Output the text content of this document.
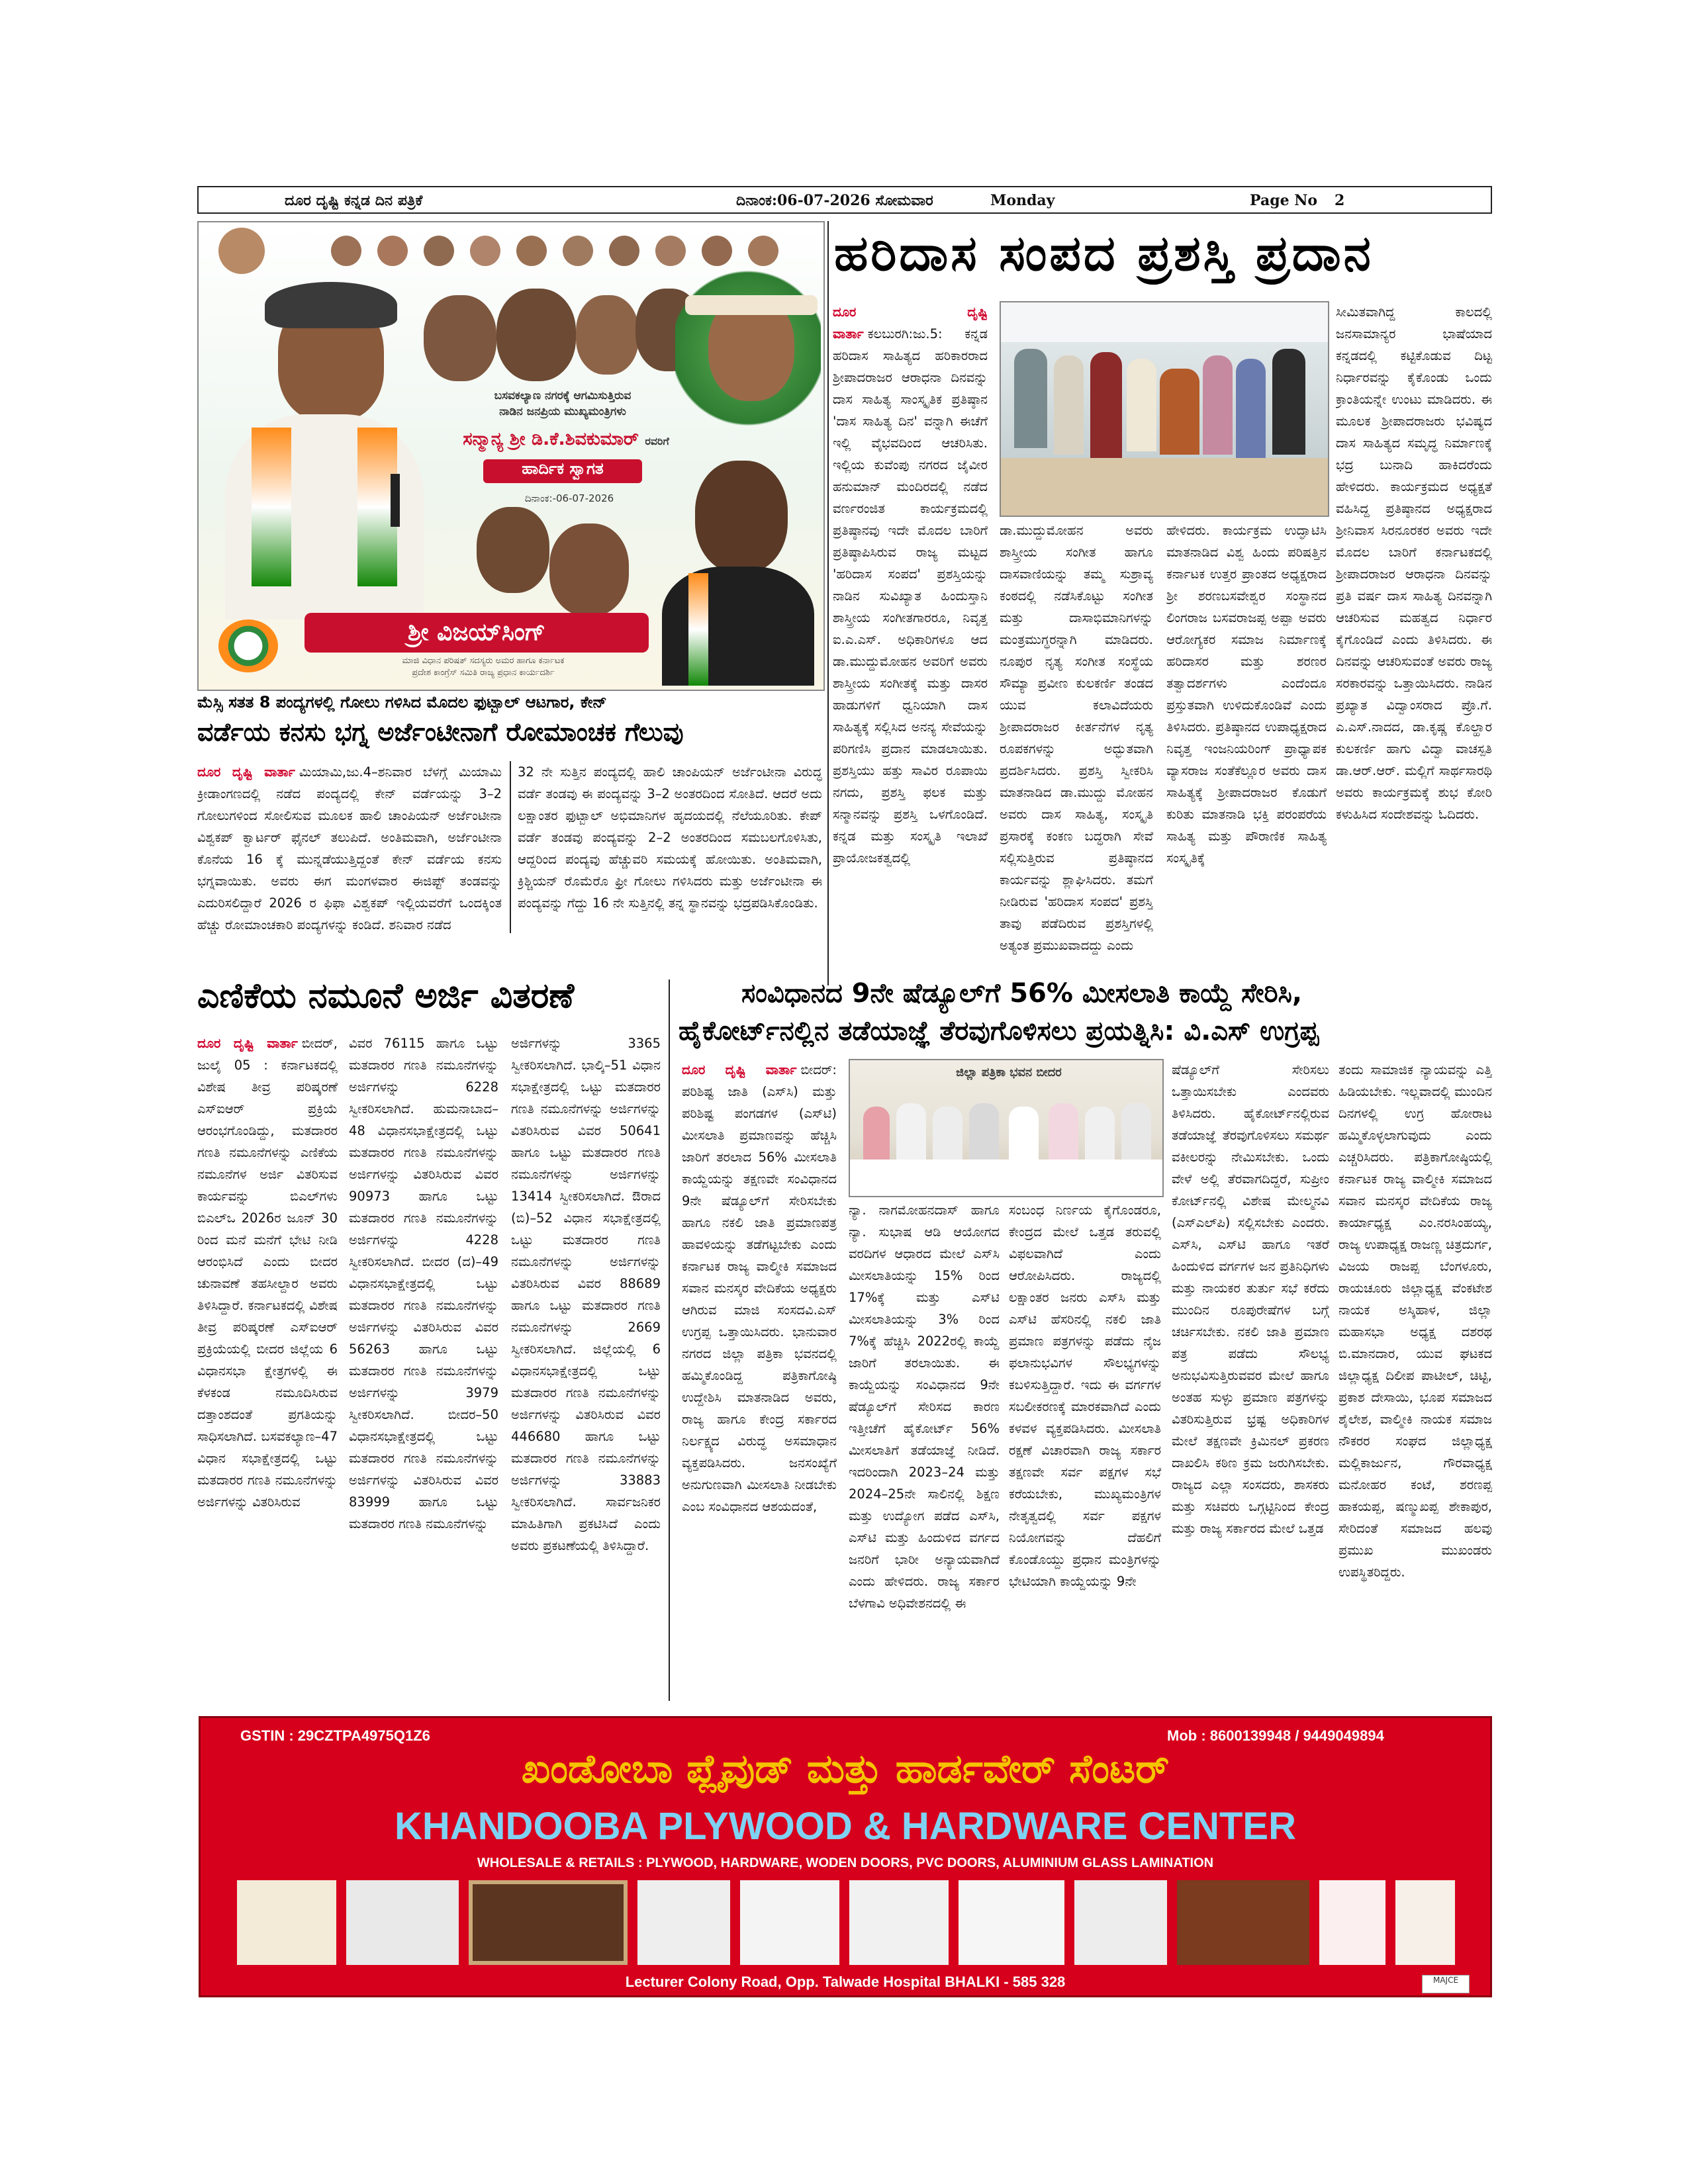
ದೂರ ದೃಷ್ಟಿ ಕನ್ನಡ ದಿನ ಪತ್ರಿಕೆ	ದಿನಾಂಕ:06-07-2026 ಸೋಮವಾರ	Monday	Page No 2
ಬಸವಕಲ್ಯಾಣ ನಗರಕ್ಕೆ ಆಗಮಿಸುತ್ತಿರುವ
ನಾಡಿನ ಜನಪ್ರಿಯ ಮುಖ್ಯಮಂತ್ರಿಗಳು
ಸನ್ಮಾನ್ಯ ಶ್ರೀ ಡಿ.ಕೆ.ಶಿವಕುಮಾರ್ ರವರಿಗೆ
ಹಾರ್ದಿಕ ಸ್ವಾಗತ
ದಿನಾಂಕ:-06-07-2026
ಶ್ರೀ ವಿಜಯ್‌ಸಿಂಗ್
ಮಾಜಿ ವಿಧಾನ ಪರಿಷತ್ ಸದಸ್ಯರು ಅಮರ ಹಾಗೂ ಕರ್ನಾಟಕ
ಪ್ರದೇಶ ಕಾಂಗ್ರೆಸ್ ಸಮಿತಿ ರಾಜ್ಯ ಪ್ರಧಾನ ಕಾರ್ಯದರ್ಶಿ
ಮೆಸ್ಸಿ ಸತತ 8 ಪಂದ್ಯಗಳಲ್ಲಿ ಗೋಲು ಗಳಿಸಿದ ಮೊದಲ ಫುಟ್ಬಾಲ್ ಆಟಗಾರ, ಕೇನ್
ವರ್ಡೆಯ ಕನಸು ಭಗ್ನ ಅರ್ಜೆಂಟೀನಾಗೆ ರೋಮಾಂಚಕ ಗೆಲುವು
ದೂರ ದೃಷ್ಟಿ ವಾರ್ತಾ ಮಿಯಾಮಿ,ಜು.4–ಶನಿವಾರ ಬೆಳಗ್ಗೆ ಮಿಯಾಮಿ ಕ್ರೀಡಾಂಗಣದಲ್ಲಿ ನಡೆದ ಪಂದ್ಯದಲ್ಲಿ ಕೇನ್ ವರ್ಡೆಯನ್ನು 3–2 ಗೋಲುಗಳಿಂದ ಸೋಲಿಸುವ ಮೂಲಕ ಹಾಲಿ ಚಾಂಪಿಯನ್ ಅರ್ಜೆಂಟೀನಾ ವಿಶ್ವಕಪ್ ಕ್ವಾರ್ಟರ್ ಫೈನಲ್ ತಲುಪಿದೆ. ಅಂತಿಮವಾಗಿ, ಅರ್ಜೆಂಟೀನಾ ಕೊನೆಯ 16 ಕ್ಕೆ ಮುನ್ನಡೆಯುತ್ತಿದ್ದಂತೆ ಕೇನ್ ವರ್ಡೆಯ ಕನಸು ಭಗ್ನವಾಯಿತು. ಅವರು ಈಗ ಮಂಗಳವಾರ ಈಜಿಪ್ಟ್ ತಂಡವನ್ನು ಎದುರಿಸಲಿದ್ದಾರೆ 2026 ರ ಫಿಫಾ ವಿಶ್ವಕಪ್ ಇಲ್ಲಿಯವರೆಗೆ ಒಂದಕ್ಕಿಂತ ಹೆಚ್ಚು ರೋಮಾಂಚಕಾರಿ ಪಂದ್ಯಗಳನ್ನು ಕಂಡಿದೆ. ಶನಿವಾರ ನಡೆದ
32 ನೇ ಸುತ್ತಿನ ಪಂದ್ಯದಲ್ಲಿ ಹಾಲಿ ಚಾಂಪಿಯನ್ ಅರ್ಜೆಂಟೀನಾ ವಿರುದ್ಧ ವರ್ಡೆ ತಂಡವು ಈ ಪಂದ್ಯವನ್ನು 3–2 ಅಂತರದಿಂದ ಸೋತಿದೆ. ಆದರೆ ಅದು ಲಕ್ಷಾಂತರ ಫುಟ್ಬಾಲ್ ಅಭಿಮಾನಿಗಳ ಹೃದಯದಲ್ಲಿ ನೆಲೆಯೂರಿತು. ಕೇಪ್ ವರ್ಡೆ ತಂಡವು ಪಂದ್ಯವನ್ನು 2–2 ಅಂತರದಿಂದ ಸಮಬಲಗೊಳಿಸಿತು, ಆದ್ದರಿಂದ ಪಂದ್ಯವು ಹೆಚ್ಚುವರಿ ಸಮಯಕ್ಕೆ ಹೋಯಿತು. ಅಂತಿಮವಾಗಿ, ಕ್ರಿಶ್ಚಿಯನ್ ರೊಮೆರೊ ಫ್ರೀ ಗೋಲು ಗಳಿಸಿದರು ಮತ್ತು ಅರ್ಜೆಂಟೀನಾ ಈ ಪಂದ್ಯವನ್ನು ಗೆದ್ದು 16 ನೇ ಸುತ್ತಿನಲ್ಲಿ ತನ್ನ ಸ್ಥಾನವನ್ನು ಭದ್ರಪಡಿಸಿಕೊಂಡಿತು.
ಹರಿದಾಸ ಸಂಪದ ಪ್ರಶಸ್ತಿ ಪ್ರದಾನ
ದೂರ ದೃಷ್ಟಿ ವಾರ್ತಾ ಕಲಬುರಗಿ:ಜು.5: ಕನ್ನಡ ಹರಿದಾಸ ಸಾಹಿತ್ಯದ ಹರಿಕಾರರಾದ ಶ್ರೀಪಾದರಾಜರ ಆರಾಧನಾ ದಿನವನ್ನು ದಾಸ ಸಾಹಿತ್ಯ ಸಾಂಸ್ಕೃತಿಕ ಪ್ರತಿಷ್ಠಾನ 'ದಾಸ ಸಾಹಿತ್ಯ ದಿನ' ವನ್ನಾಗಿ ಈಚೆಗೆ ಇಲ್ಲಿ ವೈಭವದಿಂದ ಆಚರಿಸಿತು. ಇಲ್ಲಿಯ ಕುವೆಂಪು ನಗರದ ಜೈವೀರ ಹನುಮಾನ್ ಮಂದಿರದಲ್ಲಿ ನಡೆದ ವರ್ಣರಂಜಿತ ಕಾರ್ಯಕ್ರಮದಲ್ಲಿ ಪ್ರತಿಷ್ಠಾನವು ಇದೇ ಮೊದಲ ಬಾರಿಗೆ ಪ್ರತಿಷ್ಠಾಪಿಸಿರುವ ರಾಜ್ಯ ಮಟ್ಟದ 'ಹರಿದಾಸ ಸಂಪದ' ಪ್ರಶಸ್ತಿಯನ್ನು ನಾಡಿನ ಸುವಿಖ್ಯಾತ ಹಿಂದುಸ್ತಾನಿ ಶಾಸ್ತ್ರೀಯ ಸಂಗೀತಗಾರರೂ, ನಿವೃತ್ತ ಐ.ಎ.ಎಸ್. ಅಧಿಕಾರಿಗಳೂ ಆದ ಡಾ.ಮುದ್ದುಮೋಹನ ಅವರಿಗೆ ಅವರು ಶಾಸ್ತ್ರೀಯ ಸಂಗೀತಕ್ಕೆ ಮತ್ತು ದಾಸರ ಹಾಡುಗಳಿಗೆ ಧ್ವನಿಯಾಗಿ ದಾಸ ಸಾಹಿತ್ಯಕ್ಕೆ ಸಲ್ಲಿಸಿದ ಅನನ್ಯ ಸೇವೆಯನ್ನು ಪರಿಗಣಿಸಿ ಪ್ರದಾನ ಮಾಡಲಾಯಿತು. ಪ್ರಶಸ್ತಿಯು ಹತ್ತು ಸಾವಿರ ರೂಪಾಯಿ ನಗದು, ಪ್ರಶಸ್ತಿ ಫಲಕ ಮತ್ತು ಸನ್ಮಾನವನ್ನು ಪ್ರಶಸ್ತಿ ಒಳಗೊಂಡಿದೆ. ಕನ್ನಡ ಮತ್ತು ಸಂಸ್ಕೃತಿ ಇಲಾಖೆ ಪ್ರಾಯೋಜಕತ್ವದಲ್ಲಿ
ಡಾ.ಮುದ್ದುಮೋಹನ ಅವರು ಶಾಸ್ತ್ರೀಯ ಸಂಗೀತ ಹಾಗೂ ದಾಸವಾಣಿಯನ್ನು ತಮ್ಮ ಸುಶ್ರಾವ್ಯ ಕಂಠದಲ್ಲಿ ನಡೆಸಿಕೊಟ್ಟು ಸಂಗೀತ ಮತ್ತು ದಾಸಾಭಿಮಾನಿಗಳನ್ನು ಮಂತ್ರಮುಗ್ಧರನ್ನಾಗಿ ಮಾಡಿದರು. ನೂಪುರ ನೃತ್ಯ ಸಂಗೀತ ಸಂಸ್ಥೆಯ ಸೌಮ್ಯಾ ಪ್ರವೀಣ ಕುಲಕರ್ಣಿ ತಂಡದ ಯುವ ಕಲಾವಿದೆಯರು ಶ್ರೀಪಾದರಾಜರ ಕೀರ್ತನೆಗಳ ನೃತ್ಯ ರೂಪಕಗಳನ್ನು ಅದ್ಭುತವಾಗಿ ಪ್ರದರ್ಶಿಸಿದರು. ಪ್ರಶಸ್ತಿ ಸ್ವೀಕರಿಸಿ ಮಾತನಾಡಿದ ಡಾ.ಮುದ್ದು ಮೋಹನ ಅವರು ದಾಸ ಸಾಹಿತ್ಯ, ಸಂಸ್ಕೃತಿ ಪ್ರಸಾರಕ್ಕೆ ಕಂಕಣ ಬದ್ಧರಾಗಿ ಸೇವೆ ಸಲ್ಲಿಸುತ್ತಿರುವ ಪ್ರತಿಷ್ಠಾನದ ಕಾರ್ಯವನ್ನು ಶ್ಲಾಘಿಸಿದರು. ತಮಗೆ ನೀಡಿರುವ 'ಹರಿದಾಸ ಸಂಪದ' ಪ್ರಶಸ್ತಿ ತಾವು ಪಡೆದಿರುವ ಪ್ರಶಸ್ತಿಗಳಲ್ಲಿ ಅತ್ಯಂತ ಪ್ರಮುಖವಾದದ್ದು ಎಂದು
ಹೇಳಿದರು. ಕಾರ್ಯಕ್ರಮ ಉದ್ಘಾಟಿಸಿ ಮಾತನಾಡಿದ ವಿಶ್ವ ಹಿಂದು ಪರಿಷತ್ತಿನ ಕರ್ನಾಟಕ ಉತ್ತರ ಪ್ರಾಂತದ ಅಧ್ಯಕ್ಷರಾದ ಶ್ರೀ ಶರಣಬಸವೇಶ್ವರ ಸಂಸ್ಥಾನದ ಲಿಂಗರಾಜ ಬಸವರಾಜಪ್ಪ ಅಪ್ಪಾ ಅವರು ಆರೋಗ್ಯಕರ ಸಮಾಜ ನಿರ್ಮಾಣಕ್ಕೆ ಹರಿದಾಸರ ಮತ್ತು ಶರಣರ ತತ್ವಾದರ್ಶಗಳು ಎಂದೆಂದೂ ಪ್ರಸ್ತುತವಾಗಿ ಉಳಿದುಕೊಂಡಿವೆ ಎಂದು ತಿಳಿಸಿದರು. ಪ್ರತಿಷ್ಠಾನದ ಉಪಾಧ್ಯಕ್ಷರಾದ ನಿವೃತ್ತ ಇಂಜನಿಯರಿಂಗ್ ಪ್ರಾಧ್ಯಾಪಕ ವ್ಯಾಸರಾಜ ಸಂತೆಕೆಲ್ಲೂರ ಅವರು ದಾಸ ಸಾಹಿತ್ಯಕ್ಕೆ ಶ್ರೀಪಾದರಾಜರ ಕೊಡುಗೆ ಕುರಿತು ಮಾತನಾಡಿ ಭಕ್ತಿ ಪರಂಪರೆಯ ಸಾಹಿತ್ಯ ಮತ್ತು ಪೌರಾಣಿಕ ಸಾಹಿತ್ಯ ಸಂಸ್ಕೃತಿಕ್ಕೆ
ಸೀಮಿತವಾಗಿದ್ದ ಕಾಲದಲ್ಲಿ ಜನಸಾಮಾನ್ಯರ ಭಾಷೆಯಾದ ಕನ್ನಡದಲ್ಲಿ ಕಟ್ಟಿಕೊಡುವ ದಿಟ್ಟ ನಿರ್ಧಾರವನ್ನು ಕೈಕೊಂಡು ಒಂದು ಕ್ರಾಂತಿಯನ್ನೇ ಉಂಟು ಮಾಡಿದರು. ಈ ಮೂಲಕ ಶ್ರೀಪಾದರಾಜರು ಭವಿಷ್ಯದ ದಾಸ ಸಾಹಿತ್ಯದ ಸಮೃದ್ಧ ನಿರ್ಮಾಣಕ್ಕೆ ಭದ್ರ ಬುನಾದಿ ಹಾಕಿದರೆಂದು ಹೇಳಿದರು. ಕಾರ್ಯಕ್ರಮದ ಅಧ್ಯಕ್ಷತೆ ವಹಿಸಿದ್ದ ಪ್ರತಿಷ್ಠಾನದ ಅಧ್ಯಕ್ಷರಾದ ಶ್ರೀನಿವಾಸ ಸಿರನೂರಕರ ಅವರು ಇದೇ ಮೊದಲ ಬಾರಿಗೆ ಕರ್ನಾಟಕದಲ್ಲಿ ಶ್ರೀಪಾದರಾಜರ ಆರಾಧನಾ ದಿನವನ್ನು ಪ್ರತಿ ವರ್ಷ ದಾಸ ಸಾಹಿತ್ಯ ದಿನವನ್ನಾಗಿ ಆಚರಿಸುವ ಮಹತ್ವದ ನಿರ್ಧಾರ ಕೈಗೊಂಡಿದೆ ಎಂದು ತಿಳಿಸಿದರು. ಈ ದಿನವನ್ನು ಆಚರಿಸುವಂತೆ ಅವರು ರಾಜ್ಯ ಸರಕಾರವನ್ನು ಒತ್ತಾಯಿಸಿದರು. ನಾಡಿನ ಪ್ರಖ್ಯಾತ ವಿದ್ವಾಂಸರಾದ ಪ್ರೊ.ಗೆ. ಎ.ಎಸ್.ನಾದದ, ಡಾ.ಕೃಷ್ಣ ಕೊಲ್ಹಾರ ಕುಲಕರ್ಣಿ ಹಾಗು ವಿದ್ವಾ ವಾಚಸ್ಪತಿ ಡಾ.ಆರ್.ಆರ್. ಮಲ್ಲಿಗೆ ಸಾರ್ಥಸಾರಥಿ ಅವರು ಕಾರ್ಯಕ್ರಮಕ್ಕೆ ಶುಭ ಕೋರಿ ಕಳುಹಿಸಿದ ಸಂದೇಶವನ್ನು ಓದಿದರು.
ಎಣಿಕೆಯ ನಮೂನೆ ಅರ್ಜಿ ವಿತರಣೆ
ದೂರ ದೃಷ್ಟಿ ವಾರ್ತಾ ಬೀದರ್, ಜುಲೈ 05 : ಕರ್ನಾಟಕದಲ್ಲಿ ವಿಶೇಷ ತೀವ್ರ ಪರಿಷ್ಕರಣೆ ಎಸ್‌ಐಆರ್ ಪ್ರಕ್ರಿಯೆ ಆರಂಭಗೊಂಡಿದ್ದು, ಮತದಾರರ ಗಣತಿ ನಮೂನೆಗಳನ್ನು ಎಣಿಕೆಯ ನಮೂನೆಗಳ ಅರ್ಜಿ ವಿತರಿಸುವ ಕಾರ್ಯವನ್ನು ಬಿಎಲ್‌ಗಳು ಬಿಎಲ್ಒ 2026ರ ಜೂನ್ 30 ರಿಂದ ಮನೆ ಮನೆಗೆ ಭೇಟಿ ನೀಡಿ ಆರಂಭಿಸಿದೆ ಎಂದು ಬೀದರ ಚುನಾವಣೆ ತಹಸೀಲ್ದಾರ ಅವರು ತಿಳಿಸಿದ್ದಾರೆ. ಕರ್ನಾಟಕದಲ್ಲಿ ವಿಶೇಷ ತೀವ್ರ ಪರಿಷ್ಕರಣೆ ಎಸ್‌ಐಆರ್ ಪ್ರಕ್ರಿಯೆಯಲ್ಲಿ ಬೀದರ ಜಿಲ್ಲೆಯ 6 ವಿಧಾನಸಭಾ ಕ್ಷೇತ್ರಗಳಲ್ಲಿ ಈ ಕೆಳಕಂಡ ನಮೂದಿಸಿರುವ ದತ್ತಾಂಶದಂತೆ ಪ್ರಗತಿಯನ್ನು ಸಾಧಿಸಲಾಗಿದೆ. ಬಸವಕಲ್ಯಾಣ–47 ವಿಧಾನ ಸಭಾಕ್ಷೇತ್ರದಲ್ಲಿ ಒಟ್ಟು ಮತದಾರರ ಗಣತಿ ನಮೂನೆಗಳನ್ನು ಅರ್ಜಿಗಳನ್ನು ವಿತರಿಸಿರುವ
ವಿವರ 76115 ಹಾಗೂ ಒಟ್ಟು ಮತದಾರರ ಗಣತಿ ನಮೂನೆಗಳನ್ನು ಅರ್ಜಿಗಳನ್ನು 6228 ಸ್ವೀಕರಿಸಲಾಗಿದೆ. ಹುಮನಾಬಾದ–48 ವಿಧಾನಸಭಾಕ್ಷೇತ್ರದಲ್ಲಿ ಒಟ್ಟು ಮತದಾರರ ಗಣತಿ ನಮೂನೆಗಳನ್ನು ಅರ್ಜಿಗಳನ್ನು ವಿತರಿಸಿರುವ ವಿವರ 90973 ಹಾಗೂ ಒಟ್ಟು ಮತದಾರರ ಗಣತಿ ನಮೂನೆಗಳನ್ನು ಅರ್ಜಿಗಳನ್ನು 4228 ಸ್ವೀಕರಿಸಲಾಗಿದೆ. ಬೀದರ (ದ)–49 ವಿಧಾನಸಭಾಕ್ಷೇತ್ರದಲ್ಲಿ ಒಟ್ಟು ಮತದಾರರ ಗಣತಿ ನಮೂನೆಗಳನ್ನು ಅರ್ಜಿಗಳನ್ನು ವಿತರಿಸಿರುವ ವಿವರ 56263 ಹಾಗೂ ಒಟ್ಟು ಮತದಾರರ ಗಣತಿ ನಮೂನೆಗಳನ್ನು ಅರ್ಜಿಗಳನ್ನು 3979 ಸ್ವೀಕರಿಸಲಾಗಿದೆ. ಬೀದರ–50 ವಿಧಾನಸಭಾಕ್ಷೇತ್ರದಲ್ಲಿ ಒಟ್ಟು ಮತದಾರರ ಗಣತಿ ನಮೂನೆಗಳನ್ನು ಅರ್ಜಿಗಳನ್ನು ವಿತರಿಸಿರುವ ವಿವರ 83999 ಹಾಗೂ ಒಟ್ಟು ಮತದಾರರ ಗಣತಿ ನಮೂನೆಗಳನ್ನು
ಅರ್ಜಿಗಳನ್ನು 3365 ಸ್ವೀಕರಿಸಲಾಗಿದೆ. ಭಾಲ್ಕಿ–51 ವಿಧಾನ ಸಭಾಕ್ಷೇತ್ರದಲ್ಲಿ ಒಟ್ಟು ಮತದಾರರ ಗಣತಿ ನಮೂನೆಗಳನ್ನು ಅರ್ಜಿಗಳನ್ನು ವಿತರಿಸಿರುವ ವಿವರ 50641 ಹಾಗೂ ಒಟ್ಟು ಮತದಾರರ ಗಣತಿ ನಮೂನೆಗಳನ್ನು ಅರ್ಜಿಗಳನ್ನು 13414 ಸ್ವೀಕರಿಸಲಾಗಿದೆ. ಔರಾದ (ಬಿ)–52 ವಿಧಾನ ಸಭಾಕ್ಷೇತ್ರದಲ್ಲಿ ಒಟ್ಟು ಮತದಾರರ ಗಣತಿ ನಮೂನೆಗಳನ್ನು ಅರ್ಜಿಗಳನ್ನು ವಿತರಿಸಿರುವ ವಿವರ 88689 ಹಾಗೂ ಒಟ್ಟು ಮತದಾರರ ಗಣತಿ ನಮೂನೆಗಳನ್ನು 2669 ಸ್ವೀಕರಿಸಲಾಗಿದೆ. ಜಿಲ್ಲೆಯಲ್ಲಿ 6 ವಿಧಾನಸಭಾಕ್ಷೇತ್ರದಲ್ಲಿ ಒಟ್ಟು ಮತದಾರರ ಗಣತಿ ನಮೂನೆಗಳನ್ನು ಅರ್ಜಿಗಳನ್ನು ವಿತರಿಸಿರುವ ವಿವರ 446680 ಹಾಗೂ ಒಟ್ಟು ಮತದಾರರ ಗಣತಿ ನಮೂನೆಗಳನ್ನು ಅರ್ಜಿಗಳನ್ನು 33883 ಸ್ವೀಕರಿಸಲಾಗಿದೆ. ಸಾರ್ವಜನಿಕರ ಮಾಹಿತಿಗಾಗಿ ಪ್ರಕಟಿಸಿದೆ ಎಂದು ಅವರು ಪ್ರಕಟಣೆಯಲ್ಲಿ ತಿಳಿಸಿದ್ದಾರೆ.
ಸಂವಿಧಾನದ 9ನೇ ಷೆಡ್ಯೂಲ್‌ಗೆ 56% ಮೀಸಲಾತಿ ಕಾಯ್ದೆ ಸೇರಿಸಿ,
ಹೈಕೋರ್ಟ್‌ನಲ್ಲಿನ ತಡೆಯಾಜ್ಞೆ ತೆರವುಗೊಳಿಸಲು ಪ್ರಯತ್ನಿಸಿ: ವಿ.ಎಸ್ ಉಗ್ರಪ್ಪ
ದೂರ ದೃಷ್ಟಿ ವಾರ್ತಾ ಬೀದರ್: ಪರಿಶಿಷ್ಟ ಜಾತಿ (ಎಸ್‌ಸಿ) ಮತ್ತು ಪರಿಶಿಷ್ಟ ಪಂಗಡಗಳ (ಎಸ್‌ಟಿ) ಮೀಸಲಾತಿ ಪ್ರಮಾಣವನ್ನು ಹೆಚ್ಚಿಸಿ ಜಾರಿಗೆ ತರಲಾದ 56% ಮೀಸಲಾತಿ ಕಾಯ್ದೆಯನ್ನು ತಕ್ಷಣವೇ ಸಂವಿಧಾನದ 9ನೇ ಷೆಡ್ಯೂಲ್‌ಗೆ ಸೇರಿಸಬೇಕು ಹಾಗೂ ನಕಲಿ ಜಾತಿ ಪ್ರಮಾಣಪತ್ರ ಹಾವಳಿಯನ್ನು ತಡೆಗಟ್ಟಬೇಕು ಎಂದು ಕರ್ನಾಟಕ ರಾಜ್ಯ ವಾಲ್ಮೀಕಿ ಸಮಾಜದ ಸವಾನ ಮನಸ್ಕರ ವೇದಿಕೆಯ ಅಧ್ಯಕ್ಷರು ಆಗಿರುವ ಮಾಜಿ ಸಂಸದವಿ.ಎಸ್ ಉಗ್ರಪ್ಪ ಒತ್ತಾಯಿಸಿದರು. ಭಾನುವಾರ ನಗರದ ಜಿಲ್ಲಾ ಪತ್ರಿಕಾ ಭವನದಲ್ಲಿ ಹಮ್ಮಿಕೊಂಡಿದ್ದ ಪತ್ರಿಕಾಗೋಷ್ಠಿ ಉದ್ದೇಶಿಸಿ ಮಾತನಾಡಿದ ಅವರು, ರಾಜ್ಯ ಹಾಗೂ ಕೇಂದ್ರ ಸರ್ಕಾರದ ನಿರ್ಲಕ್ಷ್ಯದ ವಿರುದ್ಧ ಅಸಮಾಧಾನ ವ್ಯಕ್ತಪಡಿಸಿದರು. ಜನಸಂಖ್ಯೆಗೆ ಅನುಗುಣವಾಗಿ ಮೀಸಲಾತಿ ನೀಡಬೇಕು ಎಂಬ ಸಂವಿಧಾನದ ಆಶಯದಂತೆ,
ಜಿಲ್ಲಾ ಪತ್ರಿಕಾ ಭವನ ಬೀದರ
ನ್ಯಾ. ನಾಗಮೋಹನದಾಸ್ ಹಾಗೂ ನ್ಯಾ. ಸುಭಾಷ ಆಡಿ ಆಯೋಗದ ವರದಿಗಳ ಆಧಾರದ ಮೇಲೆ ಎಸ್‌ಸಿ ಮೀಸಲಾತಿಯನ್ನು 15% ರಿಂದ 17%ಕ್ಕೆ ಮತ್ತು ಎಸ್‌ಟಿ ಮೀಸಲಾತಿಯನ್ನು 3% ರಿಂದ 7%ಕ್ಕೆ ಹೆಚ್ಚಿಸಿ 2022ರಲ್ಲಿ ಕಾಯ್ದೆ ಜಾರಿಗೆ ತರಲಾಯಿತು. ಈ ಕಾಯ್ದೆಯನ್ನು ಸಂವಿಧಾನದ 9ನೇ ಷೆಡ್ಯೂಲ್‌ಗೆ ಸೇರಿಸದ ಕಾರಣ ಇತ್ತೀಚೆಗೆ ಹೈಕೋರ್ಟ್ 56% ಮೀಸಲಾತಿಗೆ ತಡೆಯಾಜ್ಞೆ ನೀಡಿದೆ. ಇದರಿಂದಾಗಿ 2023–24 ಮತ್ತು 2024–25ನೇ ಸಾಲಿನಲ್ಲಿ ಶಿಕ್ಷಣ ಮತ್ತು ಉದ್ಯೋಗ ಪಡೆದ ಎಸ್‌ಸಿ, ಎಸ್‌ಟಿ ಮತ್ತು ಹಿಂದುಳಿದ ವರ್ಗದ ಜನರಿಗೆ ಭಾರೀ ಅನ್ಯಾಯವಾಗಿದೆ ಎಂದು ಹೇಳಿದರು. ರಾಜ್ಯ ಸರ್ಕಾರ ಬೆಳಗಾವಿ ಅಧಿವೇಶನದಲ್ಲಿ ಈ
ಸಂಬಂಧ ನಿರ್ಣಯ ಕೈಗೊಂಡರೂ, ಕೇಂದ್ರದ ಮೇಲೆ ಒತ್ತಡ ತರುವಲ್ಲಿ ವಿಫಲವಾಗಿದೆ ಎಂದು ಆರೋಪಿಸಿದರು. ರಾಜ್ಯದಲ್ಲಿ ಲಕ್ಷಾಂತರ ಜನರು ಎಸ್‌ಸಿ ಮತ್ತು ಎಸ್‌ಟಿ ಹೆಸರಿನಲ್ಲಿ ನಕಲಿ ಜಾತಿ ಪ್ರಮಾಣ ಪತ್ರಗಳನ್ನು ಪಡೆದು ನೈಜ ಫಲಾನುಭವಿಗಳ ಸೌಲಭ್ಯಗಳನ್ನು ಕಬಳಿಸುತ್ತಿದ್ದಾರೆ. ಇದು ಈ ವರ್ಗಗಳ ಸಬಲೀಕರಣಕ್ಕೆ ಮಾರಕವಾಗಿದೆ ಎಂದು ಕಳವಳ ವ್ಯಕ್ತಪಡಿಸಿದರು. ಮೀಸಲಾತಿ ರಕ್ಷಣೆ ವಿಚಾರವಾಗಿ ರಾಜ್ಯ ಸರ್ಕಾರ ತಕ್ಷಣವೇ ಸರ್ವ ಪಕ್ಷಗಳ ಸಭೆ ಕರೆಯಬೇಕು, ಮುಖ್ಯಮಂತ್ರಿಗಳ ನೇತೃತ್ವದಲ್ಲಿ ಸರ್ವ ಪಕ್ಷಗಳ ನಿಯೋಗವನ್ನು ದೆಹಲಿಗೆ ಕೊಂಡೊಯ್ದು ಪ್ರಧಾನ ಮಂತ್ರಿಗಳನ್ನು ಭೇಟಿಯಾಗಿ ಕಾಯ್ದೆಯನ್ನು 9ನೇ
ಷೆಡ್ಯೂಲ್‌ಗೆ ಸೇರಿಸಲು ಒತ್ತಾಯಿಸಬೇಕು ಎಂದವರು ತಿಳಿಸಿದರು. ಹೈಕೋರ್ಟ್‌ನಲ್ಲಿರುವ ತಡೆಯಾಜ್ಞೆ ತೆರವುಗೊಳಿಸಲು ಸಮರ್ಥ ವಕೀಲರನ್ನು ನೇಮಿಸಬೇಕು. ಒಂದು ವೇಳೆ ಅಲ್ಲಿ ತೆರವಾಗದಿದ್ದರೆ, ಸುಪ್ರೀಂ ಕೋರ್ಟ್‌ನಲ್ಲಿ ವಿಶೇಷ ಮೇಲ್ಮನವಿ (ಎಸ್‌ಎಲ್‌ಪಿ) ಸಲ್ಲಿಸಬೇಕು ಎಂದರು. ಎಸ್‌ಸಿ, ಎಸ್‌ಟಿ ಹಾಗೂ ಇತರೆ ಹಿಂದುಳಿದ ವರ್ಗಗಳ ಜನ ಪ್ರತಿನಿಧಿಗಳು ಮತ್ತು ನಾಯಕರ ತುರ್ತು ಸಭೆ ಕರೆದು ಮುಂದಿನ ರೂಪುರೇಷೆಗಳ ಬಗ್ಗೆ ಚರ್ಚಿಸಬೇಕು. ನಕಲಿ ಜಾತಿ ಪ್ರಮಾಣ ಪತ್ರ ಪಡೆದು ಸೌಲಭ್ಯ ಅನುಭವಿಸುತ್ತಿರುವವರ ಮೇಲೆ ಹಾಗೂ ಅಂತಹ ಸುಳ್ಳು ಪ್ರಮಾಣ ಪತ್ರಗಳನ್ನು ವಿತರಿಸುತ್ತಿರುವ ಭ್ರಷ್ಟ ಅಧಿಕಾರಿಗಳ ಮೇಲೆ ತಕ್ಷಣವೇ ಕ್ರಿಮಿನಲ್ ಪ್ರಕರಣ ದಾಖಲಿಸಿ ಕಠಿಣ ಕ್ರಮ ಜರುಗಿಸಬೇಕು. ರಾಜ್ಯದ ಎಲ್ಲಾ ಸಂಸದರು, ಶಾಸಕರು ಮತ್ತು ಸಚಿವರು ಒಗ್ಗಟ್ಟಿನಿಂದ ಕೇಂದ್ರ ಮತ್ತು ರಾಜ್ಯ ಸರ್ಕಾರದ ಮೇಲೆ ಒತ್ತಡ
ತಂದು ಸಾಮಾಜಿಕ ನ್ಯಾಯವನ್ನು ಎತ್ತಿ ಹಿಡಿಯಬೇಕು. ಇಲ್ಲವಾದಲ್ಲಿ ಮುಂದಿನ ದಿನಗಳಲ್ಲಿ ಉಗ್ರ ಹೋರಾಟ ಹಮ್ಮಿಕೊಳ್ಳಲಾಗುವುದು ಎಂದು ಎಚ್ಚರಿಸಿದರು. ಪತ್ರಿಕಾಗೋಷ್ಠಿಯಲ್ಲಿ ಕರ್ನಾಟಕ ರಾಜ್ಯ ವಾಲ್ಮೀಕಿ ಸಮಾಜದ ಸವಾನ ಮನಸ್ಕರ ವೇದಿಕೆಯ ರಾಜ್ಯ ಕಾರ್ಯಾಧ್ಯಕ್ಷ ಎಂ.ನರಸಿಂಹಯ್ಯ, ರಾಜ್ಯ ಉಪಾಧ್ಯಕ್ಷ ರಾಜಣ್ಣ ಚಿತ್ರದುರ್ಗ, ವಿಜಯ ರಾಜಪ್ಪ ಬೆಂಗಳೂರು, ರಾಯಚೂರು ಜಿಲ್ಲಾಧ್ಯಕ್ಷ ವೆಂಕಟೇಶ ನಾಯಕ ಅಸ್ಕಿಹಾಳ, ಜಿಲ್ಲಾ ಮಹಾಸಭಾ ಅಧ್ಯಕ್ಷ ದಶರಥ ಬಿ.ಮಾನದಾರ, ಯುವ ಘಟಕದ ಜಿಲ್ಲಾಧ್ಯಕ್ಷ ದಿಲೀಪ ಪಾಟೀಲ್, ಚಿಟ್ಟಿ, ಪ್ರಕಾಶ ದೇಸಾಯಿ, ಭೂಪ ಸಮಾಜದ ಶೈಲೇಶ, ವಾಲ್ಮೀಕಿ ನಾಯಕ ಸಮಾಜ ನೌಕರರ ಸಂಘದ ಜಿಲ್ಲಾಧ್ಯಕ್ಷ ಮಲ್ಲಿಕಾರ್ಜುನ, ಗೌರವಾಧ್ಯಕ್ಷ ಮನೋಹರ ಕಂಟೆ, ಶರಣಪ್ಪ ಹಾಕಯಪ್ಪ, ಷಣ್ಮುಖಪ್ಪ ಶೇಕಾಪುರ, ಸೇರಿದಂತೆ ಸಮಾಜದ ಹಲವು ಪ್ರಮುಖ ಮುಖಂಡರು ಉಪಸ್ಥಿತರಿದ್ದರು.
GSTIN : 29CZTPA4975Q1Z6	Mob : 8600139948 / 9449049894
ಖಂಡೋಬಾ ಪ್ಲೈವುಡ್ ಮತ್ತು ಹಾರ್ಡವೇರ್ ಸೆಂಟರ್
KHANDOOBA PLYWOOD & HARDWARE CENTER
WHOLESALE & RETAILS : PLYWOOD, HARDWARE, WODEN DOORS, PVC DOORS, ALUMINIUM GLASS LAMINATION
Lecturer Colony Road, Opp. Talwade Hospital BHALKI - 585 328	MAJCE
